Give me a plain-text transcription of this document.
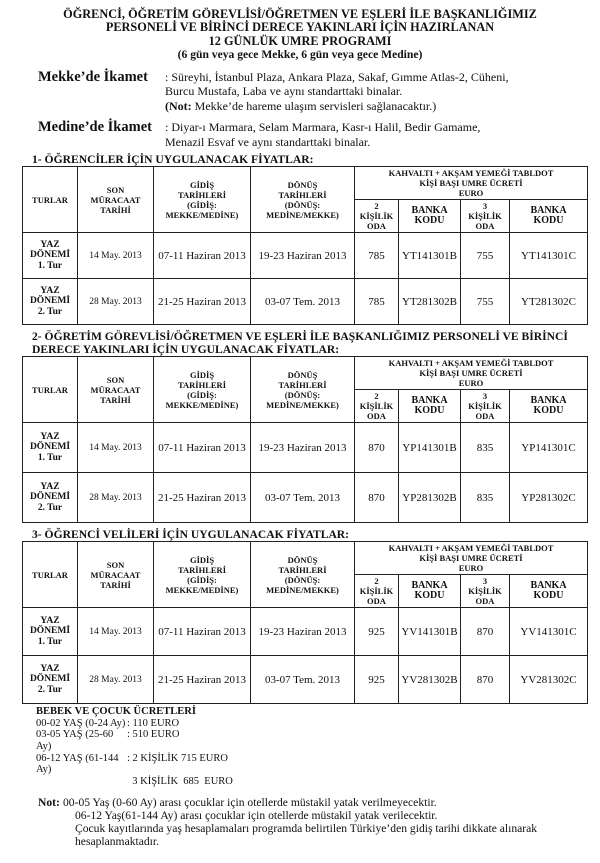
ÖĞRENCİ, ÖĞRETİM GÖREVLİSİ/ÖĞRETMEN VE EŞLERİ İLE BAŞKANLIĞIMIZ
PERSONELİ VE BİRİNCİ DERECE YAKINLARI İÇİN HAZIRLANAN
12 GÜNLÜK UMRE PROGRAMI
(6 gün veya gece Mekke, 6 gün veya gece Medine)
Mekke’de İkamet : Süreyhi, İstanbul Plaza, Ankara Plaza, Sakaf, Gımme Atlas-2, Cüheni,
Burcu Mustafa, Laba ve aynı standarttaki binalar.
(Not: Mekke’de hareme ulaşım servisleri sağlanacaktır.)
Medine’de İkamet : Diyar-ı Marmara, Selam Marmara, Kasr-ı Halil, Bedir Gamame,
Menazil Esvaf ve aynı standarttaki binalar.
1- ÖĞRENCİLER İÇİN UYGULANACAK FİYATLAR:
TURLAR	SON
MÜRACAAT
TARİHİ	GİDİŞ
TARİHLERİ
(GİDİŞ:
MEKKE/MEDİNE)	DÖNÜŞ
TARİHLERİ
(DÖNÜŞ:
MEDİNE/MEKKE)	KAHVALTI + AKŞAM YEMEĞİ TABLDOT
KİŞİ BAŞI UMRE ÜCRETİ
EURO			
				2
KİŞİLİK
ODA	BANKA
KODU	3
KİŞİLİK
ODA	BANKA
KODU
YAZ
DÖNEMİ
1. Tur	14 May. 2013	07-11 Haziran 2013	19-23 Haziran 2013	785	YT141301B	755	YT141301C
YAZ
DÖNEMİ
2. Tur	28 May. 2013	21-25 Haziran 2013	03-07 Tem. 2013	785	YT281302B	755	YT281302C
2- ÖĞRETİM GÖREVLİSİ/ÖĞRETMEN VE EŞLERİ İLE BAŞKANLIĞIMIZ PERSONELİ VE BİRİNCİ DERECE YAKINLARI İÇİN UYGULANACAK FİYATLAR:
TURLAR	SON
MÜRACAAT
TARİHİ	GİDİŞ
TARİHLERİ
(GİDİŞ:
MEKKE/MEDİNE)	DÖNÜŞ
TARİHLERİ
(DÖNÜŞ:
MEDİNE/MEKKE)	KAHVALTI + AKŞAM YEMEĞİ TABLDOT
KİŞİ BAŞI UMRE ÜCRETİ
EURO			
				2
KİŞİLİK
ODA	BANKA
KODU	3
KİŞİLİK
ODA	BANKA
KODU
YAZ
DÖNEMİ
1. Tur	14 May. 2013	07-11 Haziran 2013	19-23 Haziran 2013	870	YP141301B	835	YP141301C
YAZ
DÖNEMİ
2. Tur	28 May. 2013	21-25 Haziran 2013	03-07 Tem. 2013	870	YP281302B	835	YP281302C
3- ÖĞRENCİ VELİLERİ İÇİN UYGULANACAK FİYATLAR:
TURLAR	SON
MÜRACAAT
TARİHİ	GİDİŞ
TARİHLERİ
(GİDİŞ:
MEKKE/MEDİNE)	DÖNÜŞ
TARİHLERİ
(DÖNÜŞ:
MEDİNE/MEKKE)	KAHVALTI + AKŞAM YEMEĞİ TABLDOT
KİŞİ BAŞI UMRE ÜCRETİ
EURO			
				2
KİŞİLİK
ODA	BANKA
KODU	3
KİŞİLİK
ODA	BANKA
KODU
YAZ
DÖNEMİ
1. Tur	14 May. 2013	07-11 Haziran 2013	19-23 Haziran 2013	925	YV141301B	870	YV141301C
YAZ
DÖNEMİ
2. Tur	28 May. 2013	21-25 Haziran 2013	03-07 Tem. 2013	925	YV281302B	870	YV281302C
BEBEK VE ÇOCUK ÜCRETLERİ
00-02 YAŞ (0-24 Ay) : 110 EURO
03-05 YAŞ (25-60 Ay)
: 510 EURO
06-12 YAŞ (61-144 Ay)
: 2 KİŞİLİK 715 EURO
3 KİŞİLİK  685  EURO
Not: 00-05 Yaş (0-60 Ay) arası çocuklar için otellerde müstakil yatak verilmeyecektir.
06-12 Yaş(61-144 Ay) arası çocuklar için otellerde müstakil yatak verilecektir.
Çocuk kayıtlarında yaş hesaplamaları programda belirtilen Türkiye’den gidiş tarihi dikkate alınarak
hesaplanmaktadır.
